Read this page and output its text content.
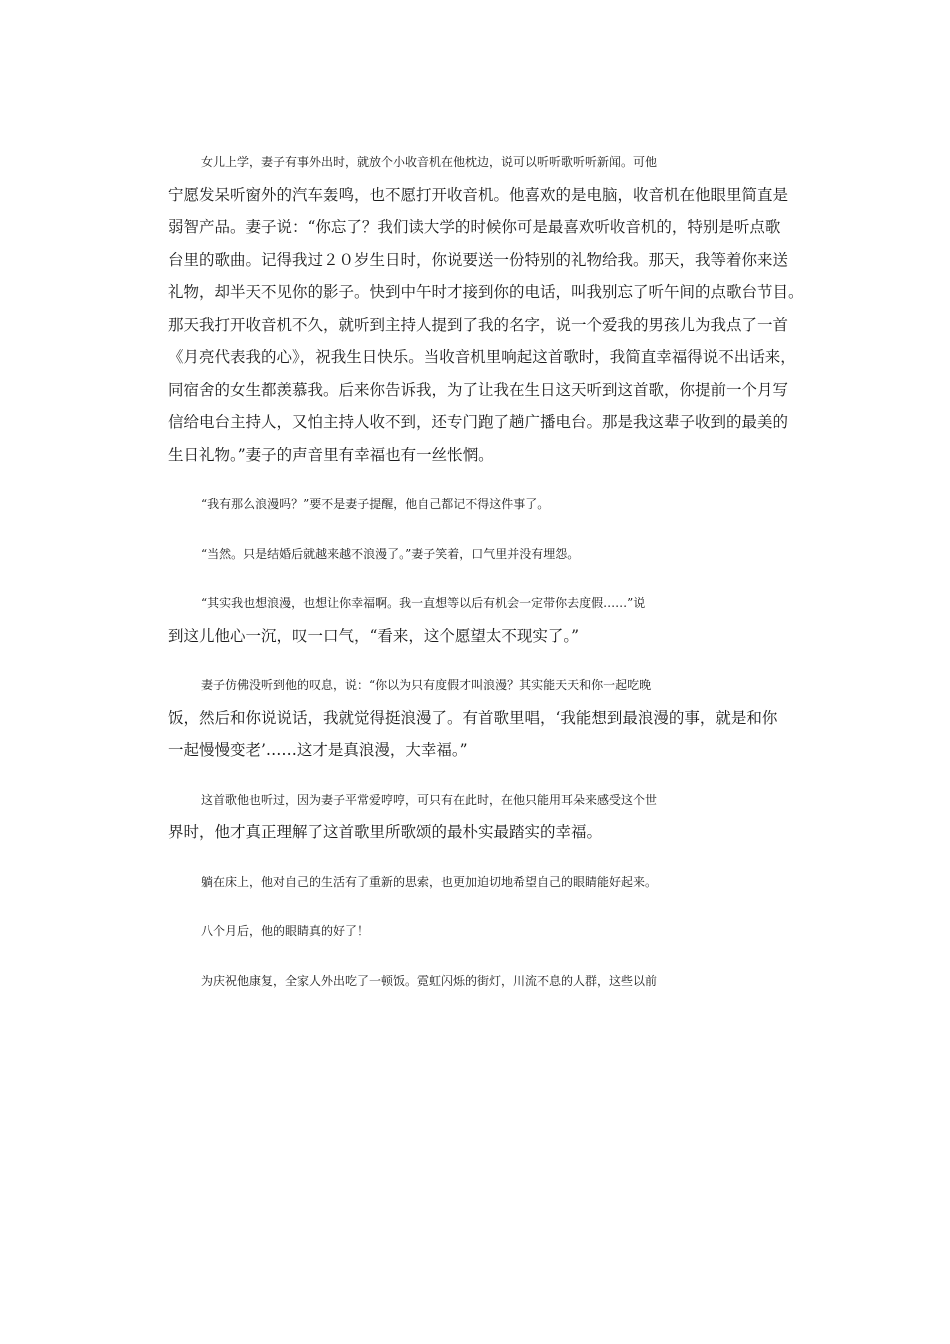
女儿上学，妻子有事外出时，就放个小收音机在他枕边，说可以听听歌听听新闻。可他
宁愿发呆听窗外的汽车轰鸣，也不愿打开收音机。他喜欢的是电脑，收音机在他眼里简直是
弱智产品。妻子说：“你忘了？我们读大学的时候你可是最喜欢听收音机的，特别是听点歌
台里的歌曲。记得我过２０岁生日时，你说要送一份特别的礼物给我。那天，我等着你来送
礼物，却半天不见你的影子。快到中午时才接到你的电话，叫我别忘了听午间的点歌台节目。
那天我打开收音机不久，就听到主持人提到了我的名字，说一个爱我的男孩儿为我点了一首
《月亮代表我的心》，祝我生日快乐。当收音机里响起这首歌时，我简直幸福得说不出话来，
同宿舍的女生都羡慕我。后来你告诉我，为了让我在生日这天听到这首歌，你提前一个月写
信给电台主持人，又怕主持人收不到，还专门跑了趟广播电台。那是我这辈子收到的最美的
生日礼物。”妻子的声音里有幸福也有一丝怅惘。
“我有那么浪漫吗？”要不是妻子提醒，他自己都记不得这件事了。
“当然。只是结婚后就越来越不浪漫了。”妻子笑着，口气里并没有埋怨。
“其实我也想浪漫，也想让你幸福啊。我一直想等以后有机会一定带你去度假……”说
到这儿他心一沉，叹一口气，“看来，这个愿望太不现实了。”
妻子仿佛没听到他的叹息，说：“你以为只有度假才叫浪漫？其实能天天和你一起吃晚
饭，然后和你说说话，我就觉得挺浪漫了。有首歌里唱，‘我能想到最浪漫的事，就是和你
一起慢慢变老’……这才是真浪漫，大幸福。”
这首歌他也听过，因为妻子平常爱哼哼，可只有在此时，在他只能用耳朵来感受这个世
界时，他才真正理解了这首歌里所歌颂的最朴实最踏实的幸福。
躺在床上，他对自己的生活有了重新的思索，也更加迫切地希望自己的眼睛能好起来。
八个月后，他的眼睛真的好了！
为庆祝他康复，全家人外出吃了一顿饭。霓虹闪烁的街灯，川流不息的人群，这些以前
